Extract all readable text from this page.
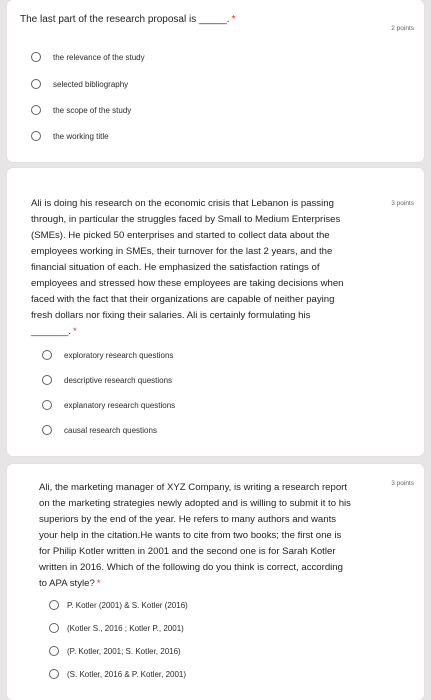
The last part of the research proposal is _____. *
2 points
the relevance of the study
selected bibliography
the scope of the study
the working title
Ali is doing his research on the economic crisis that Lebanon is passing
through, in particular the struggles faced by Small to Medium Enterprises
(SMEs). He picked 50 enterprises and started to collect data about the
employees working in SMEs, their turnover for the last 2 years, and the
financial situation of each. He emphasized the satisfaction ratings of
employees and stressed how these employees are taking decisions when
faced with the fact that their organizations are capable of neither paying
fresh dollars nor fixing their salaries. Ali is certainly formulating his
_______. *
3 points
exploratory research questions
descriptive research questions
explanatory research questions
causal research questions
Ali, the marketing manager of XYZ Company, is writing a research report
on the marketing strategies newly adopted and is willing to submit it to his
superiors by the end of the year. He refers to many authors and wants
your help in the citation.He wants to cite from two books; the first one is
for Philip Kotler written in 2001 and the second one is for Sarah Kotler
written in 2016. Which of the following do you think is correct, according
to APA style? *
3 points
P. Kotler (2001) & S. Kotler (2016)
(Kotler S., 2016 ; Kotler P., 2001)
(P. Kotler, 2001; S. Kotler, 2016)
(S. Kotler, 2016 & P. Kotler, 2001)
